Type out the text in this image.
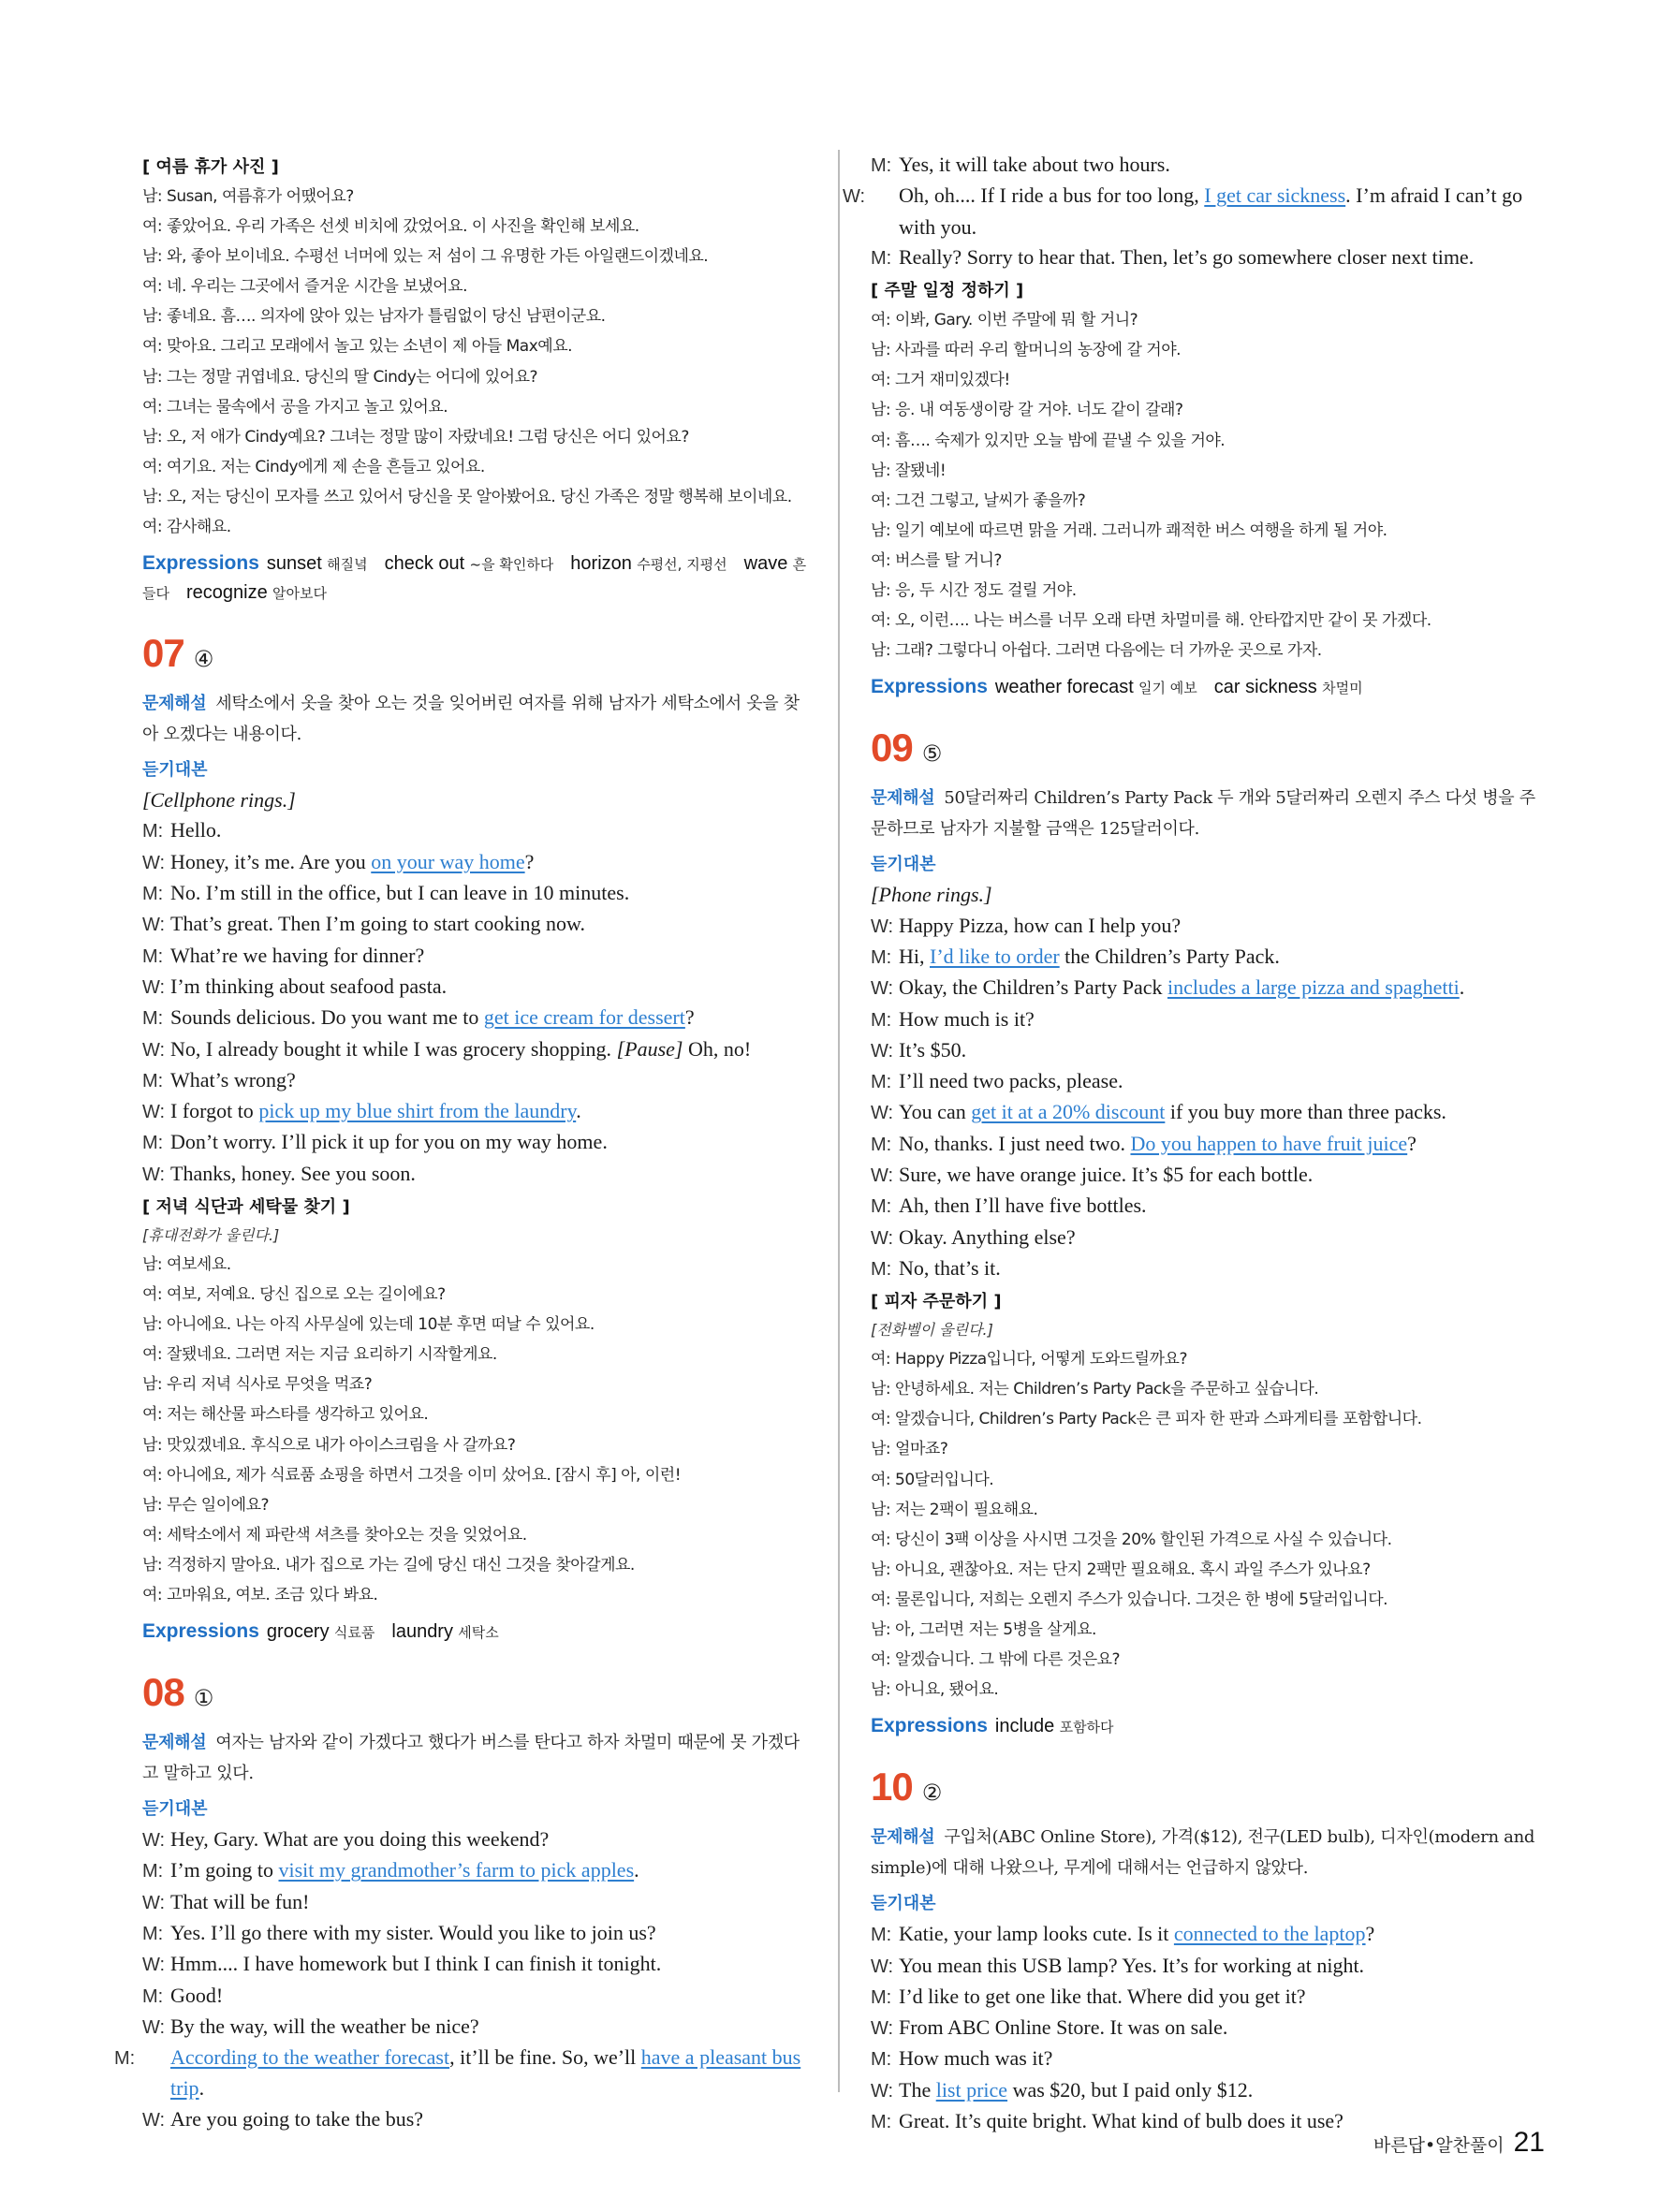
[ 여름 휴가 사진 ]

남: Susan, 여름휴가 어땠어요?

여: 좋았어요. 우리 가족은 선셋 비치에 갔었어요. 이 사진을 확인해 보세요.

남: 와, 좋아 보이네요. 수평선 너머에 있는 저 섬이 그 유명한 가든 아일랜드이겠네요.

여: 네. 우리는 그곳에서 즐거운 시간을 보냈어요.

남: 좋네요. 흠…. 의자에 앉아 있는 남자가 틀림없이 당신 남편이군요.

여: 맞아요. 그리고 모래에서 놀고 있는 소년이 제 아들 Max예요.

남: 그는 정말 귀엽네요. 당신의 딸 Cindy는 어디에 있어요?

여: 그녀는 물속에서 공을 가지고 놀고 있어요.

남: 오, 저 애가 Cindy예요? 그녀는 정말 많이 자랐네요! 그럼 당신은 어디 있어요?

여: 여기요. 저는 Cindy에게 제 손을 흔들고 있어요.

남: 오, 저는 당신이 모자를 쓰고 있어서 당신을 못 알아봤어요. 당신 가족은 정말 행복해 보이네요.

여: 감사해요.

Expressions sunset 해질녘 check out ~을 확인하다 horizon 수평선, 지평선 wave 흔들다 recognize 알아보다

07 ④

문제해설 세탁소에서 옷을 찾아 오는 것을 잊어버린 여자를 위해 남자가 세탁소에서 옷을 찾아 오겠다는 내용이다.

듣기대본

[Cellphone rings.]

M: Hello.

W: Honey, it’s me. Are you on your way home?

M: No. I’m still in the office, but I can leave in 10 minutes.

W: That’s great. Then I’m going to start cooking now.

M: What’re we having for dinner?

W: I’m thinking about seafood pasta.

M: Sounds delicious. Do you want me to get ice cream for dessert?

W: No, I already bought it while I was grocery shopping. [Pause] Oh, no!

M: What’s wrong?

W: I forgot to pick up my blue shirt from the laundry.

M: Don’t worry. I’ll pick it up for you on my way home.

W: Thanks, honey. See you soon.

[ 저녁 식단과 세탁물 찾기 ]

[휴대전화가 울린다.]

남: 여보세요.

여: 여보, 저예요. 당신 집으로 오는 길이에요?

남: 아니에요. 나는 아직 사무실에 있는데 10분 후면 떠날 수 있어요.

여: 잘됐네요. 그러면 저는 지금 요리하기 시작할게요.

남: 우리 저녁 식사로 무엇을 먹죠?

여: 저는 해산물 파스타를 생각하고 있어요.

남: 맛있겠네요. 후식으로 내가 아이스크림을 사 갈까요?

여: 아니에요, 제가 식료품 쇼핑을 하면서 그것을 이미 샀어요. [잠시 후] 아, 이런!

남: 무슨 일이에요?

여: 세탁소에서 제 파란색 셔츠를 찾아오는 것을 잊었어요.

남: 걱정하지 말아요. 내가 집으로 가는 길에 당신 대신 그것을 찾아갈게요.

여: 고마워요, 여보. 조금 있다 봐요.

Expressions grocery 식료품 laundry 세탁소

08 ①

문제해설 여자는 남자와 같이 가겠다고 했다가 버스를 탄다고 하자 차멀미 때문에 못 가겠다고 말하고 있다.

듣기대본

W: Hey, Gary. What are you doing this weekend?

M: I’m going to visit my grandmother’s farm to pick apples.

W: That will be fun!

M: Yes. I’ll go there with my sister. Would you like to join us?

W: Hmm.... I have homework but I think I can finish it tonight.

M: Good!

W: By the way, will the weather be nice?

M: According to the weather forecast, it’ll be fine. So, we’ll have a pleasant bus trip.

W: Are you going to take the bus?

M: Yes, it will take about two hours.

W: Oh, oh.... If I ride a bus for too long, I get car sickness. I’m afraid I can’t go with you.

M: Really? Sorry to hear that. Then, let’s go somewhere closer next time.

[ 주말 일정 정하기 ]

여: 이봐, Gary. 이번 주말에 뭐 할 거니?

남: 사과를 따러 우리 할머니의 농장에 갈 거야.

여: 그거 재미있겠다!

남: 응. 내 여동생이랑 갈 거야. 너도 같이 갈래?

여: 흠…. 숙제가 있지만 오늘 밤에 끝낼 수 있을 거야.

남: 잘됐네!

여: 그건 그렇고, 날씨가 좋을까?

남: 일기 예보에 따르면 맑을 거래. 그러니까 쾌적한 버스 여행을 하게 될 거야.

여: 버스를 탈 거니?

남: 응, 두 시간 정도 걸릴 거야.

여: 오, 이런…. 나는 버스를 너무 오래 타면 차멀미를 해. 안타깝지만 같이 못 가겠다.

남: 그래? 그렇다니 아쉽다. 그러면 다음에는 더 가까운 곳으로 가자.

Expressions weather forecast 일기 예보 car sickness 차멀미

09 ⑤

문제해설 50달러짜리 Children’s Party Pack 두 개와 5달러짜리 오렌지 주스 다섯 병을 주문하므로 남자가 지불할 금액은 125달러이다.

듣기대본

[Phone rings.]

W: Happy Pizza, how can I help you?

M: Hi, I’d like to order the Children’s Party Pack.

W: Okay, the Children’s Party Pack includes a large pizza and spaghetti.

M: How much is it?

W: It’s $50.

M: I’ll need two packs, please.

W: You can get it at a 20% discount if you buy more than three packs.

M: No, thanks. I just need two. Do you happen to have fruit juice?

W: Sure, we have orange juice. It’s $5 for each bottle.

M: Ah, then I’ll have five bottles.

W: Okay. Anything else?

M: No, that’s it.

[ 피자 주문하기 ]

[전화벨이 울린다.]

여: Happy Pizza입니다, 어떻게 도와드릴까요?

남: 안녕하세요. 저는 Children’s Party Pack을 주문하고 싶습니다.

여: 알겠습니다, Children’s Party Pack은 큰 피자 한 판과 스파게티를 포함합니다.

남: 얼마죠?

여: 50달러입니다.

남: 저는 2팩이 필요해요.

여: 당신이 3팩 이상을 사시면 그것을 20% 할인된 가격으로 사실 수 있습니다.

남: 아니요, 괜찮아요. 저는 단지 2팩만 필요해요. 혹시 과일 주스가 있나요?

여: 물론입니다, 저희는 오렌지 주스가 있습니다. 그것은 한 병에 5달러입니다.

남: 아, 그러면 저는 5병을 살게요.

여: 알겠습니다. 그 밖에 다른 것은요?

남: 아니요, 됐어요.

Expressions include 포함하다

10 ②

문제해설 구입처(ABC Online Store), 가격($12), 전구(LED bulb), 디자인(modern and simple)에 대해 나왔으나, 무게에 대해서는 언급하지 않았다.

듣기대본

M: Katie, your lamp looks cute. Is it connected to the laptop?

W: You mean this USB lamp? Yes. It’s for working at night.

M: I’d like to get one like that. Where did you get it?

W: From ABC Online Store. It was on sale.

M: How much was it?

W: The list price was $20, but I paid only $12.

M: Great. It’s quite bright. What kind of bulb does it use?

바른답•알찬풀이 21
